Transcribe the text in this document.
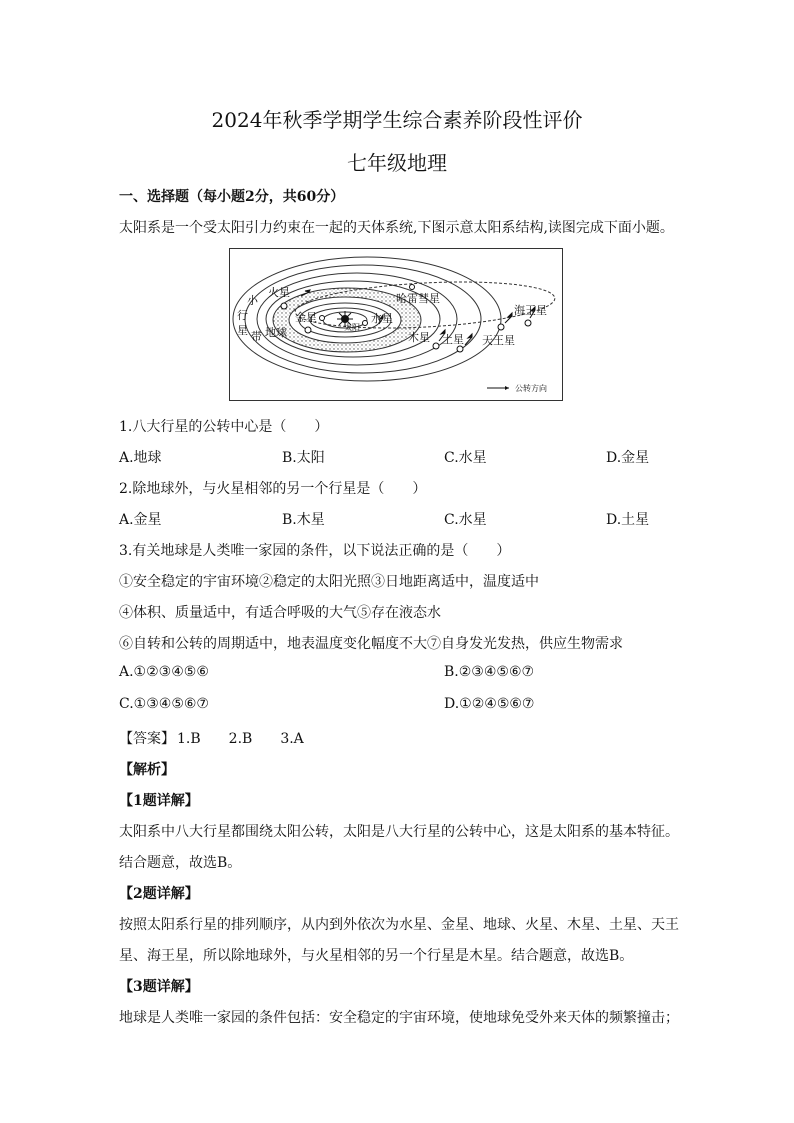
2024年秋季学期学生综合素养阶段性评价
七年级地理
一、选择题（每小题2分，共60分）
太阳系是一个受太阳引力约束在一起的天体系统,下图示意太阳系结构,读图完成下面小题。
小
行
星 带
火星
金星
地球	太阳
水星
哈雷彗星
木星 土星 天王星
海王星
公转方向
1.八大行星的公转中心是（　　）
A.地球	B.太阳	C.水星	D.金星
2.除地球外，与火星相邻的另一个行星是（　　）
A.金星	B.木星	C.水星	D.土星
3.有关地球是人类唯一家园的条件，以下说法正确的是（　　）
①安全稳定的宇宙环境②稳定的太阳光照③日地距离适中，温度适中
④体积、质量适中，有适合呼吸的大气⑤存在液态水
⑥自转和公转的周期适中，地表温度变化幅度不大⑦自身发光发热，供应生物需求
A.①②③④⑤⑥	B.②③④⑤⑥⑦
C.①③④⑤⑥⑦	D.①②④⑤⑥⑦
【答案】 1.B 2.B 3.A
【解析】
【1题详解】
太阳系中八大行星都围绕太阳公转，太阳是八大行星的公转中心，这是太阳系的基本特征。
结合题意，故选B。
【2题详解】
按照太阳系行星的排列顺序，从内到外依次为水星、金星、地球、火星、木星、土星、天王
星、海王星，所以除地球外，与火星相邻的另一个行星是木星。结合题意，故选B。
【3题详解】
地球是人类唯一家园的条件包括：安全稳定的宇宙环境，使地球免受外来天体的频繁撞击；
